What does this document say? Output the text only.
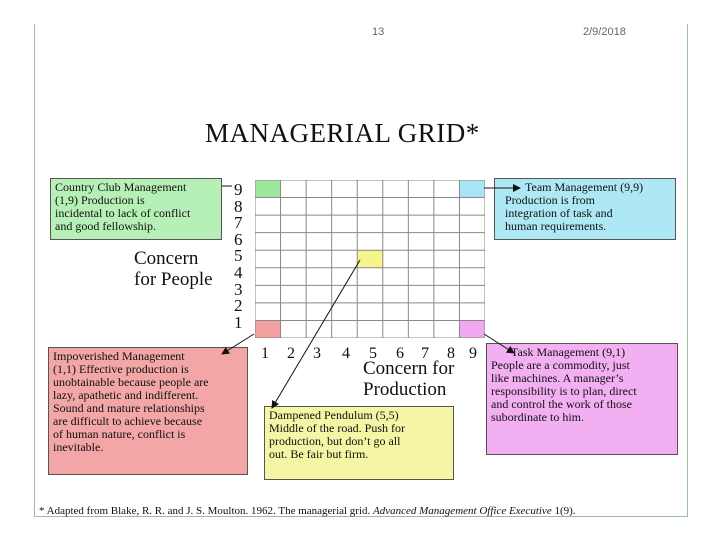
13	2/9/2018
MANAGERIAL GRID*
Country Club Management
(1,9) Production is
incidental to lack of conflict
and good fellowship.
Team Management (9,9)
Production is from
integration of task and
human requirements.
Impoverished Management
(1,1) Effective production is
unobtainable because people are
lazy, apathetic and indifferent.
Sound and mature relationships
are difficult to achieve because
of human nature, conflict is
inevitable.
Task Management (9,1)
People are a commodity, just
like machines. A manager’s
responsibility is to plan, direct
and control the work of those
subordinate to him.
Dampened Pendulum (5,5)
Middle of the road. Push for
production, but don’t go all
out. Be fair but firm.
Concern
for People
Concern for
Production
9
8
7
6
5
4
3
2
1
1 2 3 4 5 6 7 8 9
* Adapted from Blake, R. R. and J. S. Moulton. 1962. The managerial grid. Advanced Management Office Executive 1(9).
